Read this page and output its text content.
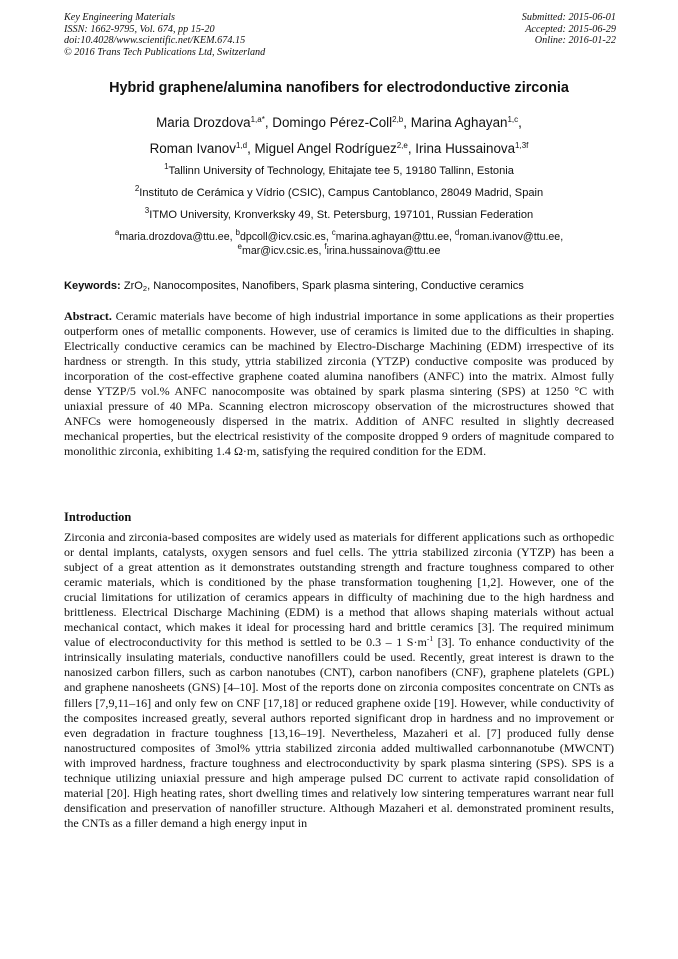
Key Engineering Materials
ISSN: 1662-9795, Vol. 674, pp 15-20
doi:10.4028/www.scientific.net/KEM.674.15
© 2016 Trans Tech Publications Ltd, Switzerland
Submitted: 2015-06-01
Accepted: 2015-06-29
Online: 2016-01-22
Hybrid graphene/alumina nanofibers for electrodonductive zirconia
Maria Drozdova$^{1,a*}$, Domingo Pérez-Coll$^{2,b}$, Marina Aghayan$^{1,c}$,
Roman Ivanov$^{1,d}$, Miguel Angel Rodríguez$^{2,e}$, Irina Hussainova$^{1,3f}$
$^1$Tallinn University of Technology, Ehitajate tee 5, 19180 Tallinn, Estonia
$^2$Instituto de Cerámica y Vídrio (CSIC), Campus Cantoblanco, 28049 Madrid, Spain
$^3$ITMO University, Kronverksky 49, St. Petersburg, 197101, Russian Federation
$^a$maria.drozdova@ttu.ee, $^b$dpcoll@icv.csic.es, $^c$marina.aghayan@ttu.ee, $^d$roman.ivanov@ttu.ee,
$^e$mar@icv.csic.es, $^f$irina.hussainova@ttu.ee
Keywords: ZrO$_2$, Nanocomposites, Nanofibers, Spark plasma sintering, Conductive ceramics
Abstract. Ceramic materials have become of high industrial importance in some applications as their properties outperform ones of metallic components. However, use of ceramics is limited due to the difficulties in shaping. Electrically conductive ceramics can be machined by Electro-Discharge Machining (EDM) irrespective of its hardness or strength. In this study, yttria stabilized zirconia (YTZP) conductive composite was produced by incorporation of the cost-effective graphene coated alumina nanofibers (ANFC) into the matrix. Almost fully dense YTZP/5 vol.% ANFC nanocomposite was obtained by spark plasma sintering (SPS) at 1250 °C with uniaxial pressure of 40 MPa. Scanning electron microscopy observation of the microstructures showed that ANFCs were homogeneously dispersed in the matrix. Addition of ANFC resulted in slightly decreased mechanical properties, but the electrical resistivity of the composite dropped 9 orders of magnitude compared to monolithic zirconia, exhibiting 1.4 Ω·m, satisfying the required condition for the EDM.
Introduction
Zirconia and zirconia-based composites are widely used as materials for different applications such as orthopedic or dental implants, catalysts, oxygen sensors and fuel cells. The yttria stabilized zirconia (YTZP) has been a subject of a great attention as it demonstrates outstanding strength and fracture toughness compared to other ceramic materials, which is conditioned by the phase transformation toughening [1,2]. However, one of the crucial limitations for utilization of ceramics appears in difficulty of machining due to the high hardness and brittleness. Electrical Discharge Machining (EDM) is a method that allows shaping materials without actual mechanical contact, which makes it ideal for processing hard and brittle ceramics [3]. The required minimum value of electroconductivity for this method is settled to be 0.3 – 1 $S\cdot m^{-1}$ [3]. To enhance conductivity of the intrinsically insulating materials, conductive nanofillers could be used. Recently, great interest is drawn to the nanosized carbon fillers, such as carbon nanotubes (CNT), carbon nanofibers (CNF), graphene platelets (GPL) and graphene nanosheets (GNS) [4–10]. Most of the reports done on zirconia composites concentrate on CNTs as fillers [7,9,11–16] and only few on CNF [17,18] or reduced graphene oxide [19]. However, while conductivity of the composites increased greatly, several authors reported significant drop in hardness and no improvement or even degradation in fracture toughness [13,16–19]. Nevertheless, Mazaheri et al. [7] produced fully dense nanostructured composites of 3mol% yttria stabilized zirconia added multiwalled carbonnanotube (MWCNT) with improved hardness, fracture toughness and electroconductivity by spark plasma sintering (SPS). SPS is a technique utilizing uniaxial pressure and high amperage pulsed DC current to activate rapid consolidation of material [20]. High heating rates, short dwelling times and relatively low sintering temperatures warrant near full densification and preservation of nanofiller structure. Although Mazaheri et al. demonstrated prominent results, the CNTs as a filler demand a high energy input in
